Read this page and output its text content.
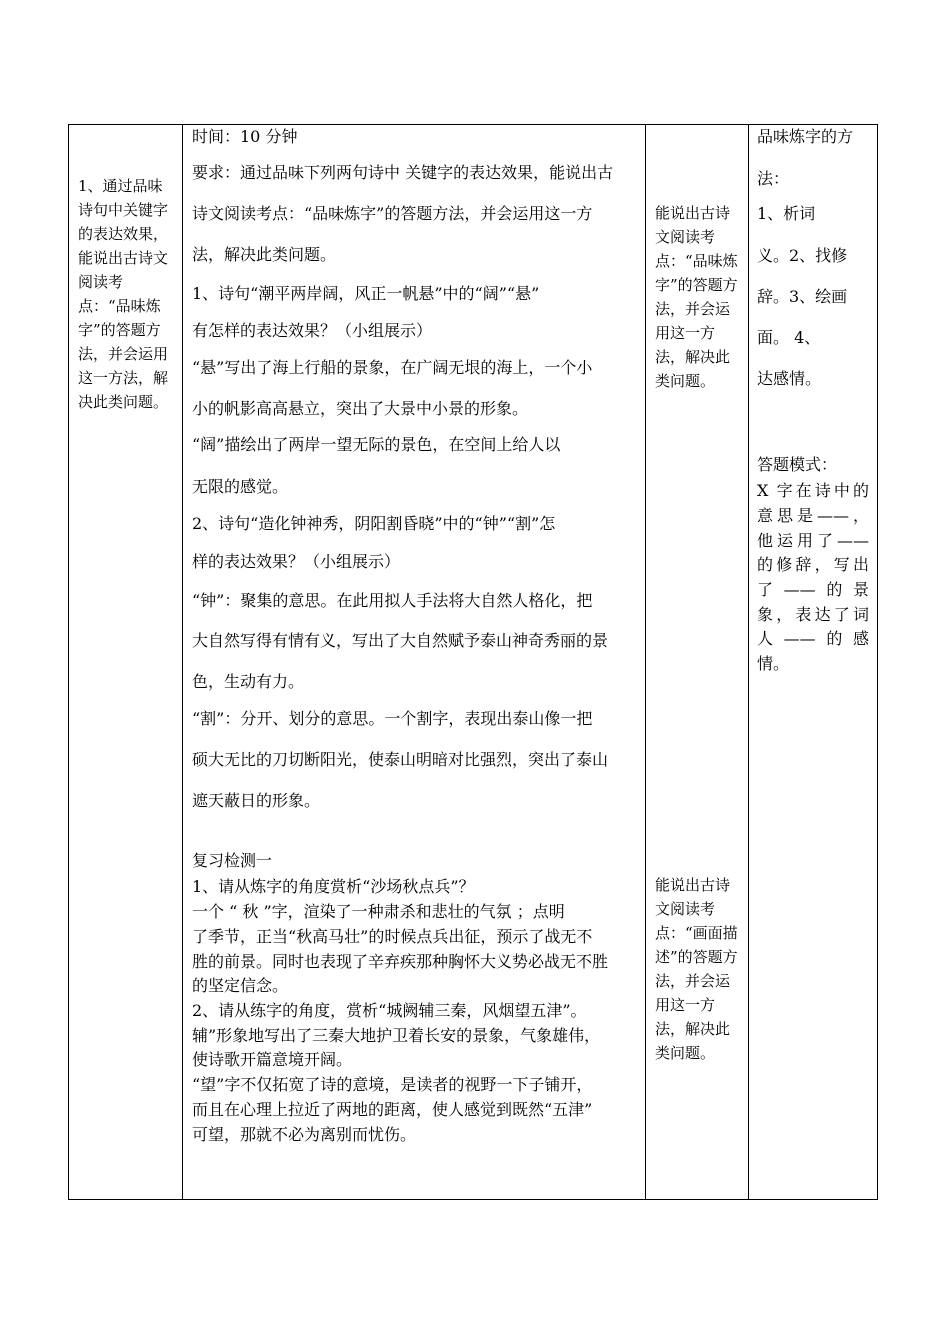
1、通过品味诗句中关键字的表达效果，能说出古诗文阅读考点：“品味炼字”的答题方法，并会运用这一方法，解决此类问题。
时间：10 分钟
要求：通过品味下列两句诗中 关键字的表达效果，能说出古
诗文阅读考点：“品味炼字”的答题方法，并会运用这一方
法，解决此类问题。
1、诗句“潮平两岸阔，风正一帆悬”中的“阔”“悬”
有怎样的表达效果？（小组展示）
“悬”写出了海上行船的景象，在广阔无垠的海上，一个小
小的帆影高高悬立，突出了大景中小景的形象。
“阔”描绘出了两岸一望无际的景色，在空间上给人以
无限的感觉。
2、诗句“造化钟神秀，阴阳割昏晓”中的“钟”“割”怎
样的表达效果？（小组展示）
“钟”：聚集的意思。在此用拟人手法将大自然人格化，把
大自然写得有情有义，写出了大自然赋予泰山神奇秀丽的景
色，生动有力。
“割”：分开、划分的意思。一个割字，表现出泰山像一把
硕大无比的刀切断阳光，使泰山明暗对比强烈，突出了泰山
遮天蔽日的形象。
复习检测一
1、请从炼字的角度赏析“沙场秋点兵”？
一个 “ 秋 ”字，渲染了一种肃杀和悲壮的气氛 ；点明
了季节，正当“秋高马壮”的时候点兵出征，预示了战无不
胜的前景。同时也表现了辛弃疾那种胸怀大义势必战无不胜
的坚定信念。
2、请从练字的角度，赏析“城阙辅三秦，风烟望五津”。
辅”形象地写出了三秦大地护卫着长安的景象，气象雄伟，
使诗歌开篇意境开阔。
“望”字不仅拓宽了诗的意境，是读者的视野一下子铺开，
而且在心理上拉近了两地的距离，使人感觉到既然“五津”
可望，那就不必为离别而忧伤。
能说出古诗文阅读考点：“品味炼字”的答题方法，并会运用这一方法，解决此类问题。
能说出古诗文阅读考点：“画面描述”的答题方法，并会运用这一方法，解决此类问题。
品味炼字的方
法：
1、析词
义。2、找修
辞。3、绘画
面。 4、
达感情。
答题模式：
X 字在诗中的
意思是——，
他运用了——
的修辞，写出
了——的景
象，表达了词
人——的感
情。
